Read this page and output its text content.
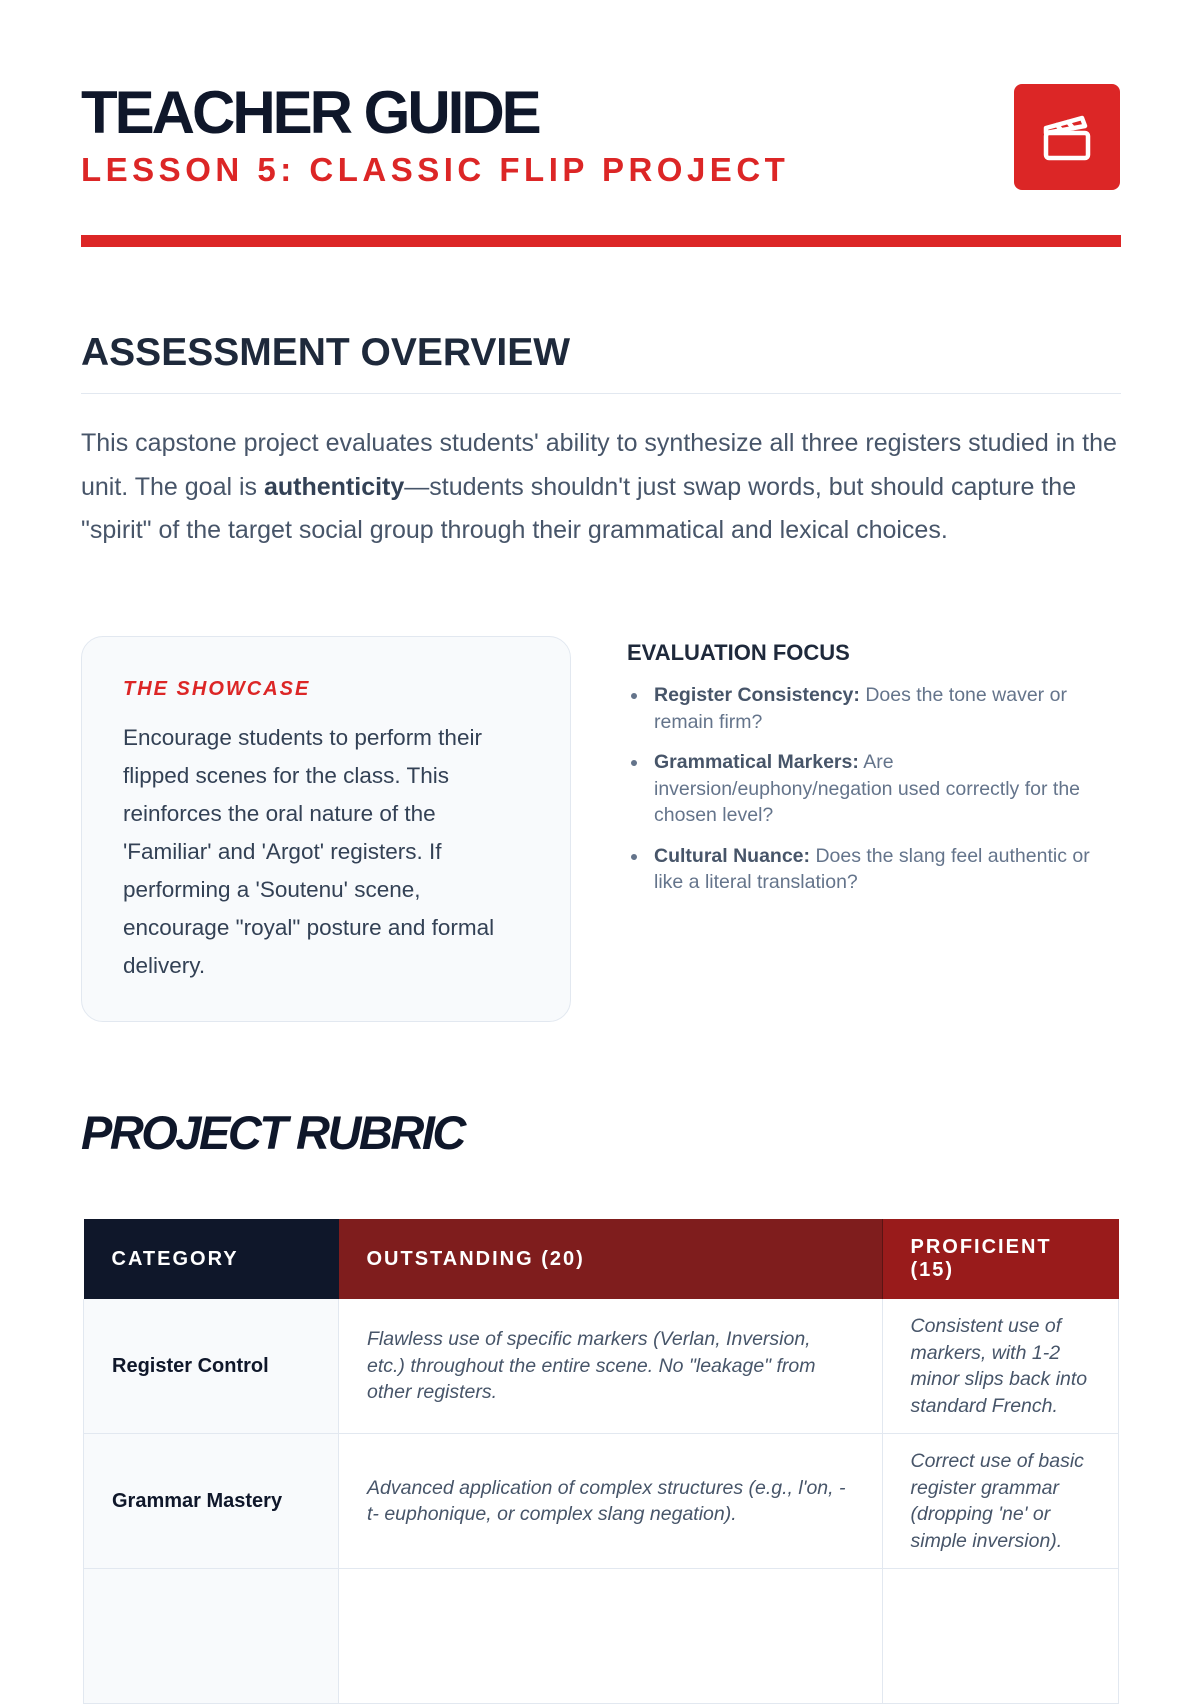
TEACHER GUIDE
LESSON 5: CLASSIC FLIP PROJECT
ASSESSMENT OVERVIEW

This capstone project evaluates students' ability to synthesize all three registers studied in the unit. The goal is authenticity—students shouldn't just swap words, but should capture the "spirit" of the target social group through their grammatical and lexical choices.

THE SHOWCASE

Encourage students to perform their flipped scenes for the class. This reinforces the oral nature of the 'Familiar' and 'Argot' registers. If performing a 'Soutenu' scene, encourage "royal" posture and formal delivery.

EVALUATION FOCUS
Register Consistency: Does the tone waver or remain firm?
Grammatical Markers: Are inversion/euphony/negation used correctly for the chosen level?
Cultural Nuance: Does the slang feel authentic or like a literal translation?
PROJECT RUBRIC
CATEGORY	OUTSTANDING (20)	PROFICIENT (15)
Register Control	Flawless use of specific markers (Verlan, Inversion, etc.) throughout the entire scene. No "leakage" from other registers.	Consistent use of markers, with 1-2 minor slips back into standard French.
Grammar Mastery	Advanced application of complex structures (e.g., l'on, -t- euphonique, or complex slang negation).	Correct use of basic register grammar (dropping 'ne' or simple inversion).
